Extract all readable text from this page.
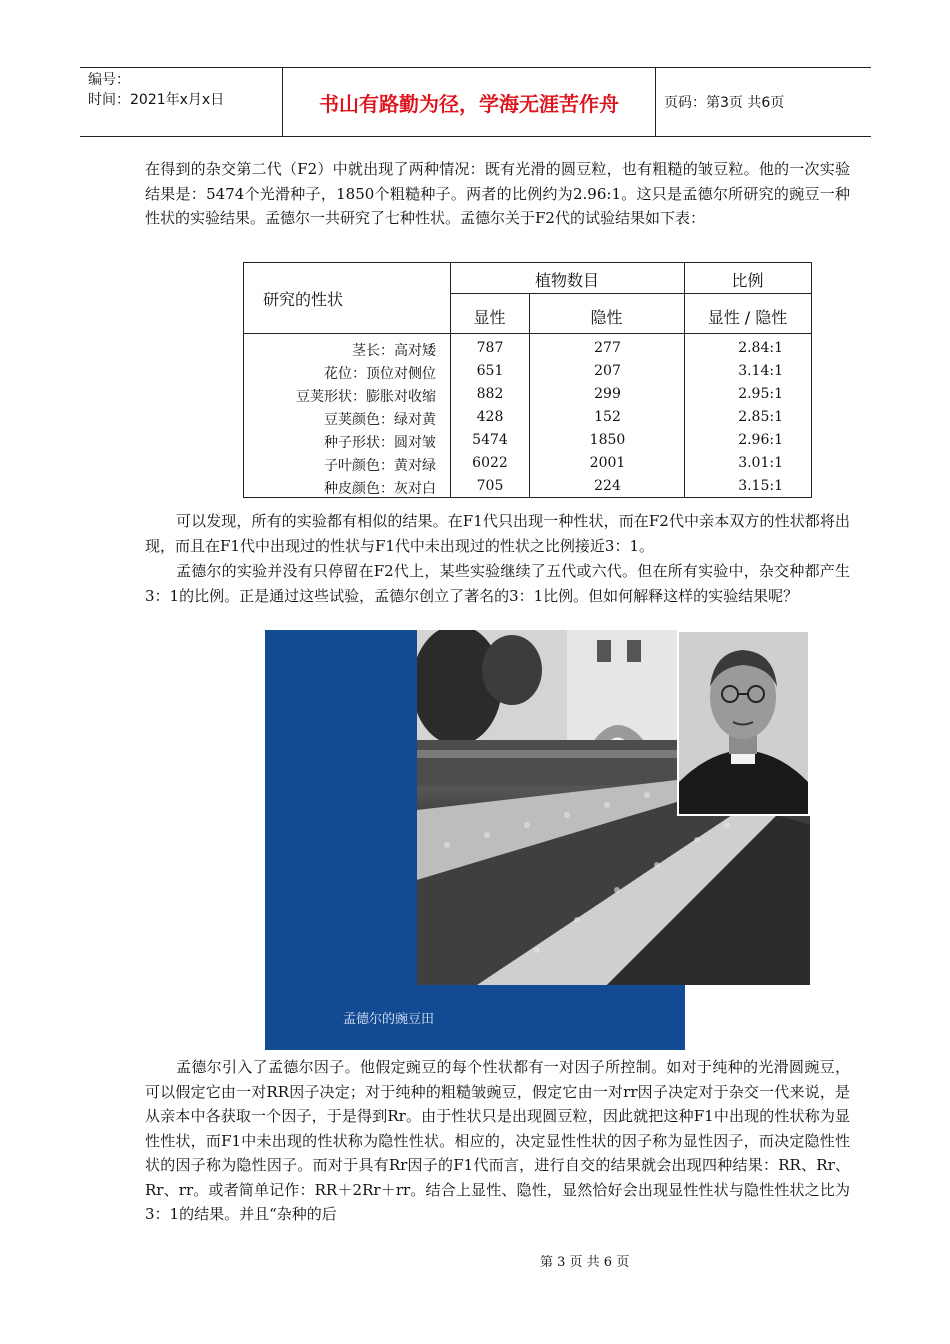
编号：
时间：2021年x月x日	书山有路勤为径，学海无涯苦作舟	页码：第3页 共6页
在得到的杂交第二代（F2）中就出现了两种情况：既有光滑的圆豆粒，也有粗糙的皱豆粒。他的一次实验结果是：5474个光滑种子，1850个粗糙种子。两者的比例约为2.96:1。这只是孟德尔所研究的豌豆一种性状的实验结果。孟德尔一共研究了七种性状。孟德尔关于F2代的试验结果如下表：
研究的性状
植物数目	比例
显性	隐性	显性 / 隐性
茎长：高对矮	787	277	2.84:1
花位：顶位对侧位	651	207	3.14:1
豆荚形状：膨胀对收缩	882	299	2.95:1
豆荚颜色：绿对黄	428	152	2.85:1
种子形状：圆对皱	5474	1850	2.96:1
子叶颜色：黄对绿	6022	2001	3.01:1
种皮颜色：灰对白	705	224	3.15:1
可以发现，所有的实验都有相似的结果。在F1代只出现一种性状，而在F2代中亲本双方的性状都将出现，而且在F1代中出现过的性状与F1代中未出现过的性状之比例接近3：1。
孟德尔的实验并没有只停留在F2代上，某些实验继续了五代或六代。但在所有实验中，杂交种都产生3：1的比例。正是通过这些试验，孟德尔创立了著名的3：1比例。但如何解释这样的实验结果呢？
孟德尔的豌豆田
孟德尔引入了孟德尔因子。他假定豌豆的每个性状都有一对因子所控制。如对于纯种的光滑圆豌豆，可以假定它由一对RR因子决定；对于纯种的粗糙皱豌豆，假定它由一对rr因子决定对于杂交一代来说，是从亲本中各获取一个因子，于是得到Rr。由于性状只是出现圆豆粒，因此就把这种F1中出现的性状称为显性性状，而F1中未出现的性状称为隐性性状。相应的，决定显性性状的因子称为显性因子，而决定隐性性状的因子称为隐性因子。而对于具有Rr因子的F1代而言，进行自交的结果就会出现四种结果：RR、Rr、Rr、rr。或者简单记作：RR＋2Rr＋rr。结合上显性、隐性，显然恰好会出现显性性状与隐性性状之比为3：1的结果。并且“杂种的后
第 3 页 共 6 页
